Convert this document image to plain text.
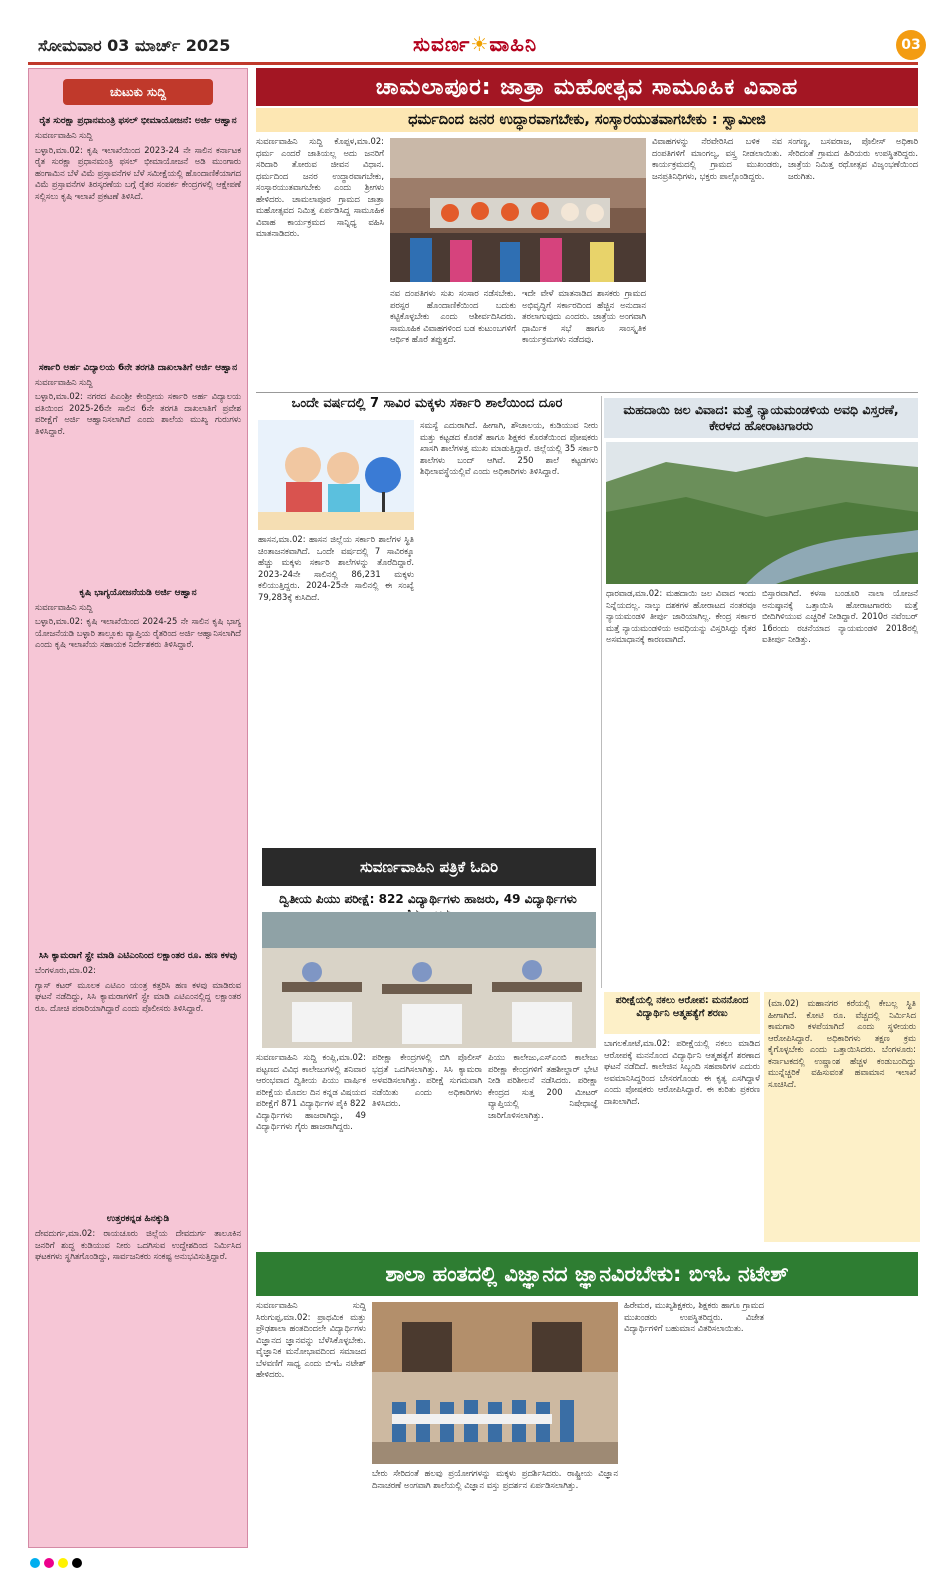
ಸೋಮವಾರ 03 ಮಾರ್ಚ್ 2025	ಸುವರ್ಣ☀ವಾಹಿನಿ	03
ಚುಟುಕು ಸುದ್ದಿ
ರೈತ ಸುರಕ್ಷಾ ಪ್ರಧಾನಮಂತ್ರಿ ಫಸಲ್ ಭೀಮಾಯೋಜನೆ: ಅರ್ಜಿ ಆಹ್ವಾನ
ಸುವರ್ಣವಾಹಿನಿ ಸುದ್ದಿ
ಬಳ್ಳಾರಿ,ಮಾ.02: ಕೃಷಿ ಇಲಾಖೆಯಿಂದ 2023-24 ನೇ ಸಾಲಿನ ಕರ್ನಾಟಕ ರೈತ ಸುರಕ್ಷಾ ಪ್ರಧಾನಮಂತ್ರಿ ಫಸಲ್ ಭೀಮಾಯೋಜನೆ ಅಡಿ ಮುಂಗಾರು ಹಂಗಾಮಿನ ಬೆಳೆ ವಿಮೆ ಪ್ರಸ್ತಾವನೆಗಳ ಬೆಳೆ ಸಮೀಕ್ಷೆಯಲ್ಲಿ ಹೊಂದಾಣಿಕೆಯಾಗದ ವಿಮೆ ಪ್ರಸ್ತಾವನೆಗಳ ತಿರಸ್ಕರಣೆಯ ಬಗ್ಗೆ ರೈತರ ಸಂಪರ್ಕ ಕೇಂದ್ರಗಳಲ್ಲಿ ಆಕ್ಷೇಪಣೆ ಸಲ್ಲಿಸಲು ಕೃಷಿ ಇಲಾಖೆ ಪ್ರಕಟಣೆ ತಿಳಿಸಿದೆ.
ಸರ್ಕಾರಿ ಅರ್ಹ ವಿದ್ಯಾಲಯ 6ನೇ ತರಗತಿ ದಾಖಲಾತಿಗೆ ಅರ್ಜಿ ಆಹ್ವಾನ
ಸುವರ್ಣವಾಹಿನಿ ಸುದ್ದಿ
ಬಳ್ಳಾರಿ,ಮಾ.02: ನಗರದ ಪಿಎಂಶ್ರೀ ಕೇಂದ್ರೀಯ ಸರ್ಕಾರಿ ಅರ್ಹ ವಿದ್ಯಾಲಯ ವತಿಯಿಂದ 2025-26ನೇ ಸಾಲಿನ 6ನೇ ತರಗತಿ ದಾಖಲಾತಿಗೆ ಪ್ರವೇಶ ಪರೀಕ್ಷೆಗೆ ಅರ್ಜಿ ಆಹ್ವಾನಿಸಲಾಗಿದೆ ಎಂದು ಶಾಲೆಯ ಮುಖ್ಯ ಗುರುಗಳು ತಿಳಿಸಿದ್ದಾರೆ.
ಕೃಷಿ ಭಾಗ್ಯಯೋಜನೆಯಡಿ ಅರ್ಜಿ ಆಹ್ವಾನ
ಸುವರ್ಣವಾಹಿನಿ ಸುದ್ದಿ
ಬಳ್ಳಾರಿ,ಮಾ.02: ಕೃಷಿ ಇಲಾಖೆಯಿಂದ 2024-25 ನೇ ಸಾಲಿನ ಕೃಷಿ ಭಾಗ್ಯ ಯೋಜನೆಯಡಿ ಬಳ್ಳಾರಿ ತಾಲ್ಲೂಕು ವ್ಯಾಪ್ತಿಯ ರೈತರಿಂದ ಅರ್ಜಿ ಆಹ್ವಾನಿಸಲಾಗಿದೆ ಎಂದು ಕೃಷಿ ಇಲಾಖೆಯ ಸಹಾಯಕ ನಿರ್ದೇಶಕರು ತಿಳಿಸಿದ್ದಾರೆ.
ಸಿಸಿ ಕ್ಯಾಮರಾಗೆ ಸ್ಪ್ರೇ ಮಾಡಿ ಎಟಿಎಂನಿಂದ ಲಕ್ಷಾಂತರ ರೂ. ಹಣ ಕಳವು
ಬೆಂಗಳೂರು,ಮಾ.02:
ಗ್ಯಾಸ್ ಕಟರ್ ಮೂಲಕ ಎಟಿಎಂ ಯಂತ್ರ ಕತ್ತರಿಸಿ ಹಣ ಕಳವು ಮಾಡಿರುವ ಘಟನೆ ನಡೆದಿದ್ದು, ಸಿಸಿ ಕ್ಯಾಮರಾಗಳಿಗೆ ಸ್ಪ್ರೇ ಮಾಡಿ ಎಟಿಎಂನಲ್ಲಿದ್ದ ಲಕ್ಷಾಂತರ ರೂ. ದೋಚಿ ಪರಾರಿಯಾಗಿದ್ದಾರೆ ಎಂದು ಪೊಲೀಸರು ತಿಳಿಸಿದ್ದಾರೆ.
ಉತ್ತರಕನ್ನಡ ಹಿನಕ್ಕುಡಿ
ದೇವದುರ್ಗ,ಮಾ.02: ರಾಯಚೂರು ಜಿಲ್ಲೆಯ ದೇವದುರ್ಗ ತಾಲೂಕಿನ ಜನರಿಗೆ ಶುದ್ಧ ಕುಡಿಯುವ ನೀರು ಒದಗಿಸುವ ಉದ್ದೇಶದಿಂದ ನಿರ್ಮಿಸಿದ ಘಟಕಗಳು ಸ್ಥಗಿತಗೊಂಡಿದ್ದು, ಸಾರ್ವಜನಿಕರು ಸಂಕಷ್ಟ ಅನುಭವಿಸುತ್ತಿದ್ದಾರೆ.
ಚಾಮಲಾಪೂರ: ಜಾತ್ರಾ ಮಹೋತ್ಸವ ಸಾಮೂಹಿಕ ವಿವಾಹ
ಧರ್ಮದಿಂದ ಜನರ ಉದ್ಧಾರವಾಗಬೇಕು, ಸಂಸ್ಕಾರಯುತವಾಗಬೇಕು : ಸ್ವಾಮೀಜಿ
ಸುವರ್ಣವಾಹಿನಿ ಸುದ್ದಿ ಕೊಪ್ಪಳ,ಮಾ.02: ಧರ್ಮ ಎಂದರೆ ಜಾತಿಯಲ್ಲ ಅದು ಜನರಿಗೆ ಸರಿದಾರಿ ತೋರುವ ಜೀವನ ವಿಧಾನ. ಧರ್ಮದಿಂದ ಜನರ ಉದ್ಧಾರವಾಗಬೇಕು, ಸಂಸ್ಕಾರಯುತವಾಗಬೇಕು ಎಂದು ಶ್ರೀಗಳು ಹೇಳಿದರು. ಚಾಮಲಾಪೂರ ಗ್ರಾಮದ ಜಾತ್ರಾ ಮಹೋತ್ಸವದ ನಿಮಿತ್ತ ಏರ್ಪಡಿಸಿದ್ದ ಸಾಮೂಹಿಕ ವಿವಾಹ ಕಾರ್ಯಕ್ರಮದ ಸಾನ್ನಿಧ್ಯ ವಹಿಸಿ ಮಾತನಾಡಿದರು.
ನವ ದಂಪತಿಗಳು ಸುಖ ಸಂಸಾರ ನಡೆಸಬೇಕು. ಪರಸ್ಪರ ಹೊಂದಾಣಿಕೆಯಿಂದ ಬದುಕು ಕಟ್ಟಿಕೊಳ್ಳಬೇಕು ಎಂದು ಆಶೀರ್ವದಿಸಿದರು. ಸಾಮೂಹಿಕ ವಿವಾಹಗಳಿಂದ ಬಡ ಕುಟುಂಬಗಳಿಗೆ ಆರ್ಥಿಕ ಹೊರೆ ತಪ್ಪುತ್ತದೆ.
ಇದೇ ವೇಳೆ ಮಾತನಾಡಿದ ಶಾಸಕರು ಗ್ರಾಮದ ಅಭಿವೃದ್ಧಿಗೆ ಸರ್ಕಾರದಿಂದ ಹೆಚ್ಚಿನ ಅನುದಾನ ತರಲಾಗುವುದು ಎಂದರು. ಜಾತ್ರೆಯ ಅಂಗವಾಗಿ ಧಾರ್ಮಿಕ ಸಭೆ ಹಾಗೂ ಸಾಂಸ್ಕೃತಿಕ ಕಾರ್ಯಕ್ರಮಗಳು ನಡೆದವು.
ವಿವಾಹಗಳನ್ನು ನೆರವೇರಿಸಿದ ಬಳಿಕ ನವ ದಂಪತಿಗಳಿಗೆ ಮಾಂಗಲ್ಯ, ವಸ್ತ್ರ ನೀಡಲಾಯಿತು. ಕಾರ್ಯಕ್ರಮದಲ್ಲಿ ಗ್ರಾಮದ ಮುಖಂಡರು, ಜನಪ್ರತಿನಿಧಿಗಳು, ಭಕ್ತರು ಪಾಲ್ಗೊಂಡಿದ್ದರು.
ಸಂಗಣ್ಣ, ಬಸವರಾಜ, ಪೊಲೀಸ್ ಅಧಿಕಾರಿ ಸೇರಿದಂತೆ ಗ್ರಾಮದ ಹಿರಿಯರು ಉಪಸ್ಥಿತರಿದ್ದರು. ಜಾತ್ರೆಯ ನಿಮಿತ್ತ ರಥೋತ್ಸವ ವಿಜೃಂಭಣೆಯಿಂದ ಜರುಗಿತು.
ಒಂದೇ ವರ್ಷದಲ್ಲಿ 7 ಸಾವಿರ ಮಕ್ಕಳು ಸರ್ಕಾರಿ ಶಾಲೆಯಿಂದ ದೂರ
ಹಾಸನ,ಮಾ.02: ಹಾಸನ ಜಿಲ್ಲೆಯ ಸರ್ಕಾರಿ ಶಾಲೆಗಳ ಸ್ಥಿತಿ ಚಿಂತಾಜನಕವಾಗಿದೆ. ಒಂದೇ ವರ್ಷದಲ್ಲಿ 7 ಸಾವಿರಕ್ಕೂ ಹೆಚ್ಚು ಮಕ್ಕಳು ಸರ್ಕಾರಿ ಶಾಲೆಗಳನ್ನು ತೊರೆದಿದ್ದಾರೆ. 2023-24ನೇ ಸಾಲಿನಲ್ಲಿ 86,231 ಮಕ್ಕಳು ಕಲಿಯುತ್ತಿದ್ದರು. 2024-25ನೇ ಸಾಲಿನಲ್ಲಿ ಈ ಸಂಖ್ಯೆ 79,283ಕ್ಕೆ ಕುಸಿದಿದೆ.
ಸಮಸ್ಯೆ ಎದುರಾಗಿದೆ. ಹೀಗಾಗಿ, ಶೌಚಾಲಯ, ಕುಡಿಯುವ ನೀರು ಮತ್ತು ಕಟ್ಟಡದ ಕೊರತೆ ಹಾಗೂ ಶಿಕ್ಷಕರ ಕೊರತೆಯಿಂದ ಪೋಷಕರು ಖಾಸಗಿ ಶಾಲೆಗಳತ್ತ ಮುಖ ಮಾಡುತ್ತಿದ್ದಾರೆ. ಜಿಲ್ಲೆಯಲ್ಲಿ 35 ಸರ್ಕಾರಿ ಶಾಲೆಗಳು ಬಂದ್ ಆಗಿವೆ. 250 ಶಾಲೆ ಕಟ್ಟಡಗಳು ಶಿಥಿಲಾವಸ್ಥೆಯಲ್ಲಿವೆ ಎಂದು ಅಧಿಕಾರಿಗಳು ತಿಳಿಸಿದ್ದಾರೆ.
ಮಹದಾಯಿ ಜಲ ವಿವಾದ: ಮತ್ತೆ ನ್ಯಾಯಮಂಡಳಿಯ ಅವಧಿ ವಿಸ್ತರಣೆ, ಕೇರಳದ ಹೋರಾಟಗಾರರು
ಧಾರವಾಡ,ಮಾ.02: ಮಹದಾಯಿ ಜಲ ವಿವಾದ ಇಂದು ನಿನ್ನೆಯದಲ್ಲ. ನಾಲ್ಕು ದಶಕಗಳ ಹೋರಾಟದ ನಂತರವೂ ನ್ಯಾಯಮಂಡಳಿ ತೀರ್ಪು ಜಾರಿಯಾಗಿಲ್ಲ. ಕೇಂದ್ರ ಸರ್ಕಾರ ಮತ್ತೆ ನ್ಯಾಯಮಂಡಳಿಯ ಅವಧಿಯನ್ನು ವಿಸ್ತರಿಸಿದ್ದು ರೈತರ ಅಸಮಾಧಾನಕ್ಕೆ ಕಾರಣವಾಗಿದೆ.
ಬಿಸ್ತಾರವಾಗಿದೆ. ಕಳಸಾ ಬಂಡೂರಿ ನಾಲಾ ಯೋಜನೆ ಅನುಷ್ಠಾನಕ್ಕೆ ಒತ್ತಾಯಿಸಿ ಹೋರಾಟಗಾರರು ಮತ್ತೆ ಬೀದಿಗಿಳಿಯುವ ಎಚ್ಚರಿಕೆ ನೀಡಿದ್ದಾರೆ. 2010ರ ನವೆಂಬರ್ 16ರಂದು ರಚನೆಯಾದ ನ್ಯಾಯಮಂಡಳಿ 2018ರಲ್ಲಿ ಐತೀರ್ಪು ನೀಡಿತ್ತು.
ಸುವರ್ಣವಾಹಿನಿ ಪತ್ರಿಕೆ ಓದಿರಿ
ದ್ವಿತೀಯ ಪಿಯು ಪರೀಕ್ಷೆ: 822 ವಿದ್ಯಾರ್ಥಿಗಳು ಹಾಜರು, 49 ವಿದ್ಯಾರ್ಥಿಗಳು
ಸುವರ್ಣವಾಹಿನಿ ಸುದ್ದಿ ಕಂಪ್ಲಿ,ಮಾ.02: ಪಟ್ಟಣದ ವಿವಿಧ ಕಾಲೇಜುಗಳಲ್ಲಿ ಶನಿವಾರ ಆರಂಭವಾದ ದ್ವಿತೀಯ ಪಿಯು ವಾರ್ಷಿಕ ಪರೀಕ್ಷೆಯ ಮೊದಲ ದಿನ ಕನ್ನಡ ವಿಷಯದ ಪರೀಕ್ಷೆಗೆ 871 ವಿದ್ಯಾರ್ಥಿಗಳ ಪೈಕಿ 822 ವಿದ್ಯಾರ್ಥಿಗಳು ಹಾಜರಾಗಿದ್ದು, 49 ವಿದ್ಯಾರ್ಥಿಗಳು ಗೈರು ಹಾಜರಾಗಿದ್ದರು.
ಪರೀಕ್ಷಾ ಕೇಂದ್ರಗಳಲ್ಲಿ ಬಿಗಿ ಪೊಲೀಸ್ ಭದ್ರತೆ ಒದಗಿಸಲಾಗಿತ್ತು. ಸಿಸಿ ಕ್ಯಾಮರಾ ಅಳವಡಿಸಲಾಗಿತ್ತು. ಪರೀಕ್ಷೆ ಸುಗಮವಾಗಿ ನಡೆಯಿತು ಎಂದು ಅಧಿಕಾರಿಗಳು ತಿಳಿಸಿದರು.
ಪಿಯು ಕಾಲೇಜು,ಎಸ್‌ಎಂಬಿ ಕಾಲೇಜು ಪರೀಕ್ಷಾ ಕೇಂದ್ರಗಳಿಗೆ ತಹಶೀಲ್ದಾರ್ ಭೇಟಿ ನೀಡಿ ಪರಿಶೀಲನೆ ನಡೆಸಿದರು. ಪರೀಕ್ಷಾ ಕೇಂದ್ರದ ಸುತ್ತ 200 ಮೀಟರ್ ವ್ಯಾಪ್ತಿಯಲ್ಲಿ ನಿಷೇಧಾಜ್ಞೆ ಜಾರಿಗೊಳಿಸಲಾಗಿತ್ತು.
ಪರೀಕ್ಷೆಯಲ್ಲಿ ನಕಲು ಆರೋಪ: ಮನನೊಂದ ವಿದ್ಯಾರ್ಥಿನಿ ಆತ್ಮಹತ್ಯೆಗೆ ಶರಣು
ಬಾಗಲಕೋಟೆ,ಮಾ.02: ಪರೀಕ್ಷೆಯಲ್ಲಿ ನಕಲು ಮಾಡಿದ ಆರೋಪಕ್ಕೆ ಮನನೊಂದ ವಿದ್ಯಾರ್ಥಿನಿ ಆತ್ಮಹತ್ಯೆಗೆ ಶರಣಾದ ಘಟನೆ ನಡೆದಿದೆ. ಕಾಲೇಜಿನ ಸಿಬ್ಬಂದಿ ಸಹಪಾಠಿಗಳ ಎದುರು ಅವಮಾನಿಸಿದ್ದರಿಂದ ಬೇಸರಗೊಂಡು ಈ ಕೃತ್ಯ ಎಸಗಿದ್ದಾಳೆ ಎಂದು ಪೋಷಕರು ಆರೋಪಿಸಿದ್ದಾರೆ. ಈ ಕುರಿತು ಪ್ರಕರಣ ದಾಖಲಾಗಿದೆ.
(ಮಾ.02) ಮಹಾನಗರ ಕರೆಯಲ್ಲಿ ಕೇಬಲ್ಲ ಸ್ಥಿತಿ ಹೀಗಾಗಿದೆ. ಕೋಟಿ ರೂ. ವೆಚ್ಚದಲ್ಲಿ ನಿರ್ಮಿಸಿದ ಕಾಮಗಾರಿ ಕಳಪೆಯಾಗಿದೆ ಎಂದು ಸ್ಥಳೀಯರು ಆರೋಪಿಸಿದ್ದಾರೆ. ಅಧಿಕಾರಿಗಳು ತಕ್ಷಣ ಕ್ರಮ ಕೈಗೊಳ್ಳಬೇಕು ಎಂದು ಒತ್ತಾಯಿಸಿದರು. ಬೆಂಗಳೂರು: ಕರ್ನಾಟಕದಲ್ಲಿ ಉಷ್ಣಾಂಶ ಹೆಚ್ಚಳ ಕಂಡುಬಂದಿದ್ದು ಮುನ್ನೆಚ್ಚರಿಕೆ ವಹಿಸುವಂತೆ ಹವಾಮಾನ ಇಲಾಖೆ ಸೂಚಿಸಿದೆ.
ಶಾಲಾ ಹಂತದಲ್ಲಿ ವಿಜ್ಞಾನದ ಜ್ಞಾನವಿರಬೇಕು: ಬಿಇಓ ನಟೇಶ್
ಸುವರ್ಣವಾಹಿನಿ ಸುದ್ದಿ ಸಿರುಗುಪ್ಪ,ಮಾ.02: ಪ್ರಾಥಮಿಕ ಮತ್ತು ಪ್ರೌಢಶಾಲಾ ಹಂತದಿಂದಲೇ ವಿದ್ಯಾರ್ಥಿಗಳು ವಿಜ್ಞಾನದ ಜ್ಞಾನವನ್ನು ಬೆಳೆಸಿಕೊಳ್ಳಬೇಕು. ವೈಜ್ಞಾನಿಕ ಮನೋಭಾವದಿಂದ ಸಮಾಜದ ಬೆಳವಣಿಗೆ ಸಾಧ್ಯ ಎಂದು ಬಿಇಓ ನಟೇಶ್ ಹೇಳಿದರು.
ಬೇರು ಸೇರಿದಂತೆ ಹಲವು ಪ್ರಯೋಗಗಳನ್ನು ಮಕ್ಕಳು ಪ್ರದರ್ಶಿಸಿದರು. ರಾಷ್ಟ್ರೀಯ ವಿಜ್ಞಾನ ದಿನಾಚರಣೆ ಅಂಗವಾಗಿ ಶಾಲೆಯಲ್ಲಿ ವಿಜ್ಞಾನ ವಸ್ತು ಪ್ರದರ್ಶನ ಏರ್ಪಡಿಸಲಾಗಿತ್ತು.
ಹಿರೇಮಠ, ಮುಖ್ಯಶಿಕ್ಷಕರು, ಶಿಕ್ಷಕರು ಹಾಗೂ ಗ್ರಾಮದ ಮುಖಂಡರು ಉಪಸ್ಥಿತರಿದ್ದರು. ವಿಜೇತ ವಿದ್ಯಾರ್ಥಿಗಳಿಗೆ ಬಹುಮಾನ ವಿತರಿಸಲಾಯಿತು.
